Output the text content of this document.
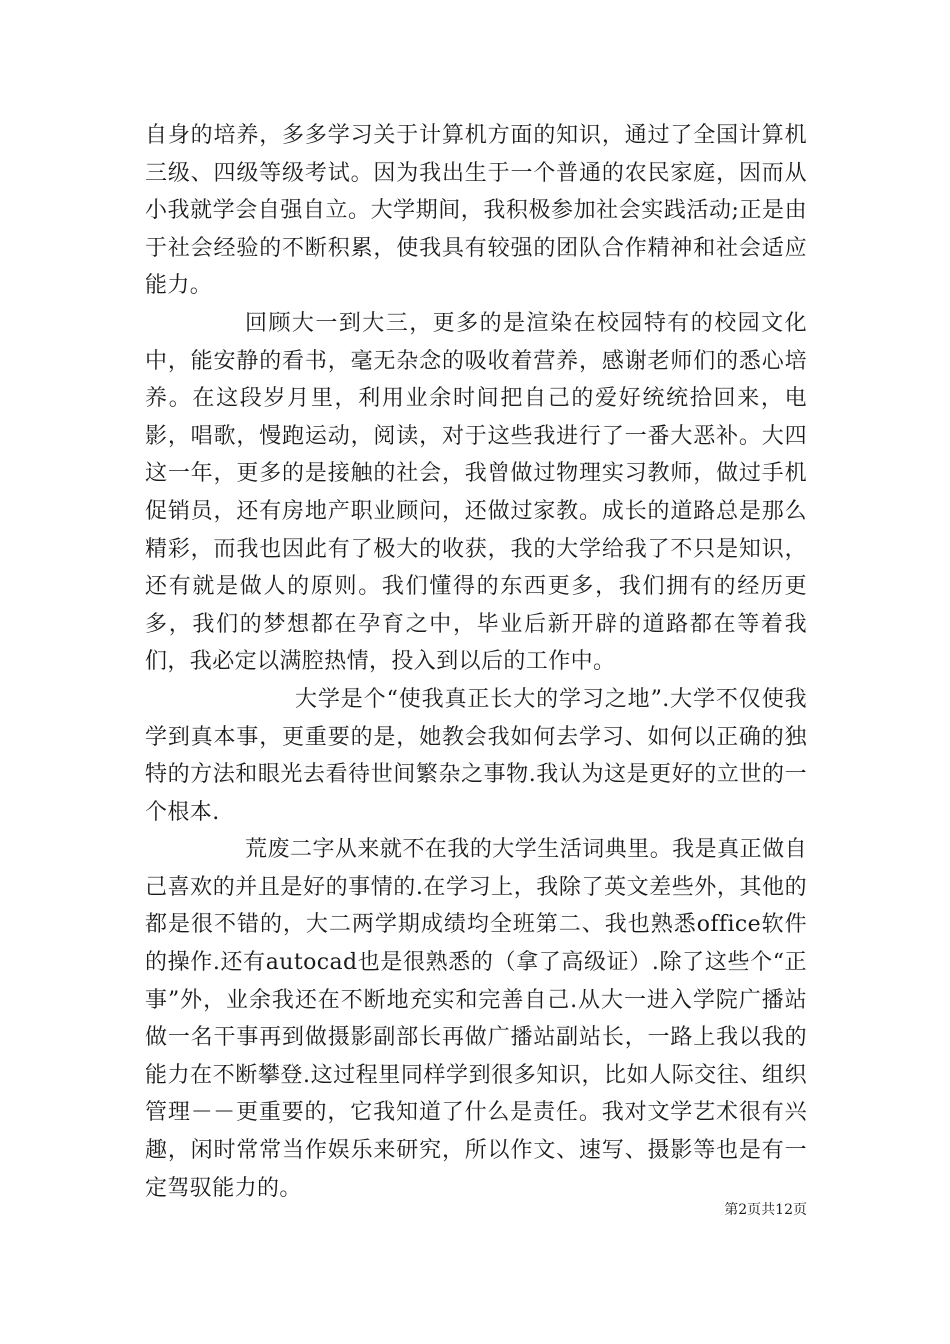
自身的培养，多多学习关于计算机方面的知识，通过了全国计算机三级、四级等级考试。因为我出生于一个普通的农民家庭，因而从小我就学会自强自立。大学期间，我积极参加社会实践活动;正是由于社会经验的不断积累，使我具有较强的团队合作精神和社会适应能力。

回顾大一到大三，更多的是渲染在校园特有的校园文化中，能安静的看书，毫无杂念的吸收着营养，感谢老师们的悉心培养。在这段岁月里，利用业余时间把自己的爱好统统拾回来，电影，唱歌，慢跑运动，阅读，对于这些我进行了一番大恶补。大四这一年，更多的是接触的社会，我曾做过物理实习教师，做过手机促销员，还有房地产职业顾问，还做过家教。成长的道路总是那么精彩，而我也因此有了极大的收获，我的大学给我了不只是知识，还有就是做人的原则。我们懂得的东西更多，我们拥有的经历更多，我们的梦想都在孕育之中，毕业后新开辟的道路都在等着我们，我必定以满腔热情，投入到以后的工作中。

大学是个“使我真正长大的学习之地”.大学不仅使我学到真本事，更重要的是，她教会我如何去学习、如何以正确的独特的方法和眼光去看待世间繁杂之事物.我认为这是更好的立世的一个根本.

荒废二字从来就不在我的大学生活词典里。我是真正做自己喜欢的并且是好的事情的.在学习上，我除了英文差些外，其他的都是很不错的，大二两学期成绩均全班第二、我也熟悉office软件的操作.还有autocad也是很熟悉的（拿了高级证）.除了这些个“正事”外，业余我还在不断地充实和完善自己.从大一进入学院广播站做一名干事再到做摄影副部长再做广播站副站长，一路上我以我的能力在不断攀登.这过程里同样学到很多知识，比如人际交往、组织管理－－更重要的，它我知道了什么是责任。我对文学艺术很有兴趣，闲时常常当作娱乐来研究，所以作文、速写、摄影等也是有一定驾驭能力的。

第2页共12页
